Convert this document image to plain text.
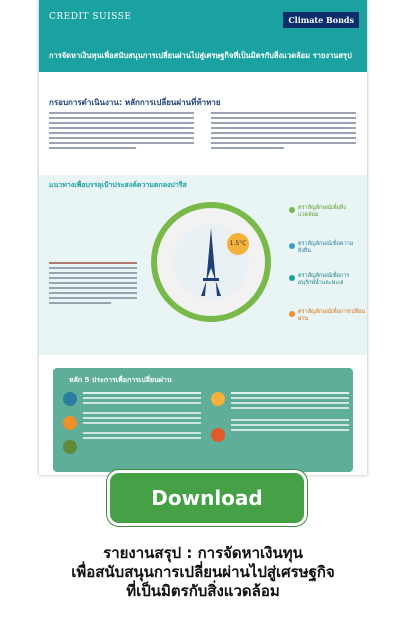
CREDIT SUISSE	Climate Bonds
การจัดหาเงินทุนเพื่อสนับสนุนการเปลี่ยนผ่านไปสู่เศรษฐกิจที่เป็นมิตรกับสิ่งแวดล้อม รายงานสรุป
กรอบการดำเนินงาน: หลักการเปลี่ยนผ่านที่ท้าทาย
แนวทางเพื่อบรรลุเป้าประสงค์ความตกลงปารีส
1.5°C
ตราสัญลักษณ์เพื่อสิ่งแวดล้อม
ตราสัญลักษณ์เพื่อความยั่งยืน
ตราสัญลักษณ์เพื่อการอนุรักษ์น้ำและทะเล
ตราสัญลักษณ์เพื่อการเปลี่ยนผ่าน
หลัก 5 ประการเพื่อการเปลี่ยนผ่าน
Download
รายงานสรุป : การจัดหาเงินทุน
เพื่อสนับสนุนการเปลี่ยนผ่านไปสู่เศรษฐกิจ
ที่เป็นมิตรกับสิ่งแวดล้อม
